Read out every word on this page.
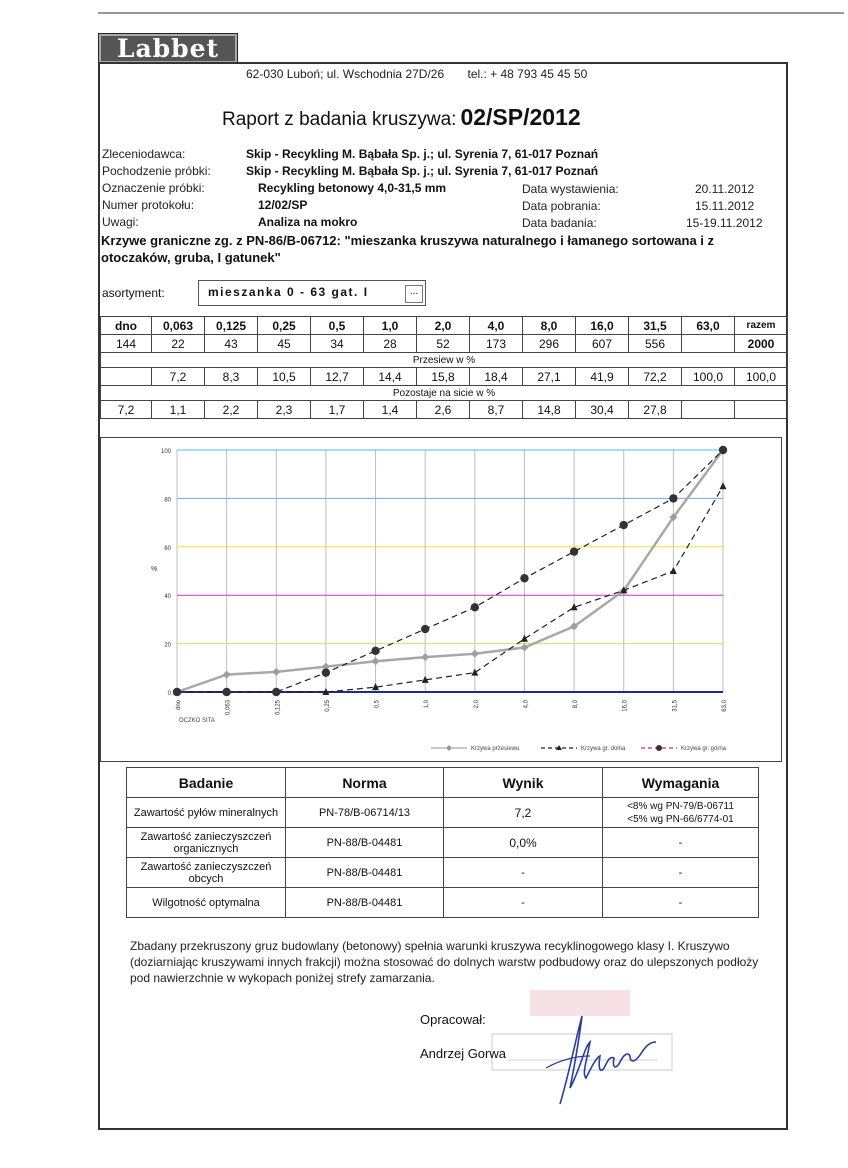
Labbet
62-030 Luboń; ul. Wschodnia 27D/26 tel.: + 48 793 45 45 50
Raport z badania kruszywa: 02/SP/2012
Zleceniodawca:	Skip - Recykling M. Bąbała Sp. j.; ul. Syrenia 7, 61-017 Poznań
Pochodzenie próbki:	Skip - Recykling M. Bąbała Sp. j.; ul. Syrenia 7, 61-017 Poznań
Oznaczenie próbki:	Recykling betonowy 4,0-31,5 mm
Numer protokołu:	12/02/SP
Uwagi:	Analiza na mokro
Data wystawienia:	20.11.2012
Data pobrania:	15.11.2012
Data badania:	15-19.11.2012
Krzywe graniczne zg. z PN-86/B-06712: "mieszanka kruszywa naturalnego i łamanego sortowana i z otoczaków, gruba, I gatunek"
asortyment:	mieszanka 0 - 63 gat. I	...
dno	0,063	0,125	0,25	0,5	1,0	2,0	4,0	8,0	16,0	31,5	63,0	razem
144	22	43	45	34	28	52	173	296	607	556		2000
Przesiew w %												
	7,2	8,3	10,5	12,7	14,4	15,8	18,4	27,1	41,9	72,2	100,0	100,0
Pozostaje na sicie w %												
7,2	1,1	2,2	2,3	1,7	1,4	2,6	8,7	14,8	30,4	27,8		
0
20
40
60
80
100
%
dno	0,063	0,125	0,25	0,5	1,0	2,0	4,0	8,0	16,0	31,5	63,0
OCZKO SITA
Krzywa przesiewu	Krzywa gr. dolna	Krzywa gr. górna
Badanie	Norma	Wynik	Wymagania
Zawartość pyłów mineralnych	PN-78/B-06714/13	7,2	<8% wg PN-79/B-06711
<5% wg PN-66/6774-01

Zawartość zanieczyszczeń organicznych	PN-88/B-04481	0,0%	-
Zawartość zanieczyszczeń obcych	PN-88/B-04481	-	-
Wilgotność optymalna	PN-88/B-04481	-	-
Zbadany przekruszony gruz budowlany (betonowy) spełnia warunki kruszywa recyklinogowego klasy I. Kruszywo (doziarniając kruszywami innych frakcji) można stosować do dolnych warstw podbudowy oraz do ulepszonych podłoży pod nawierzchnie w wykopach poniżej strefy zamarzania.
Opracował:
Andrzej Gorwa
